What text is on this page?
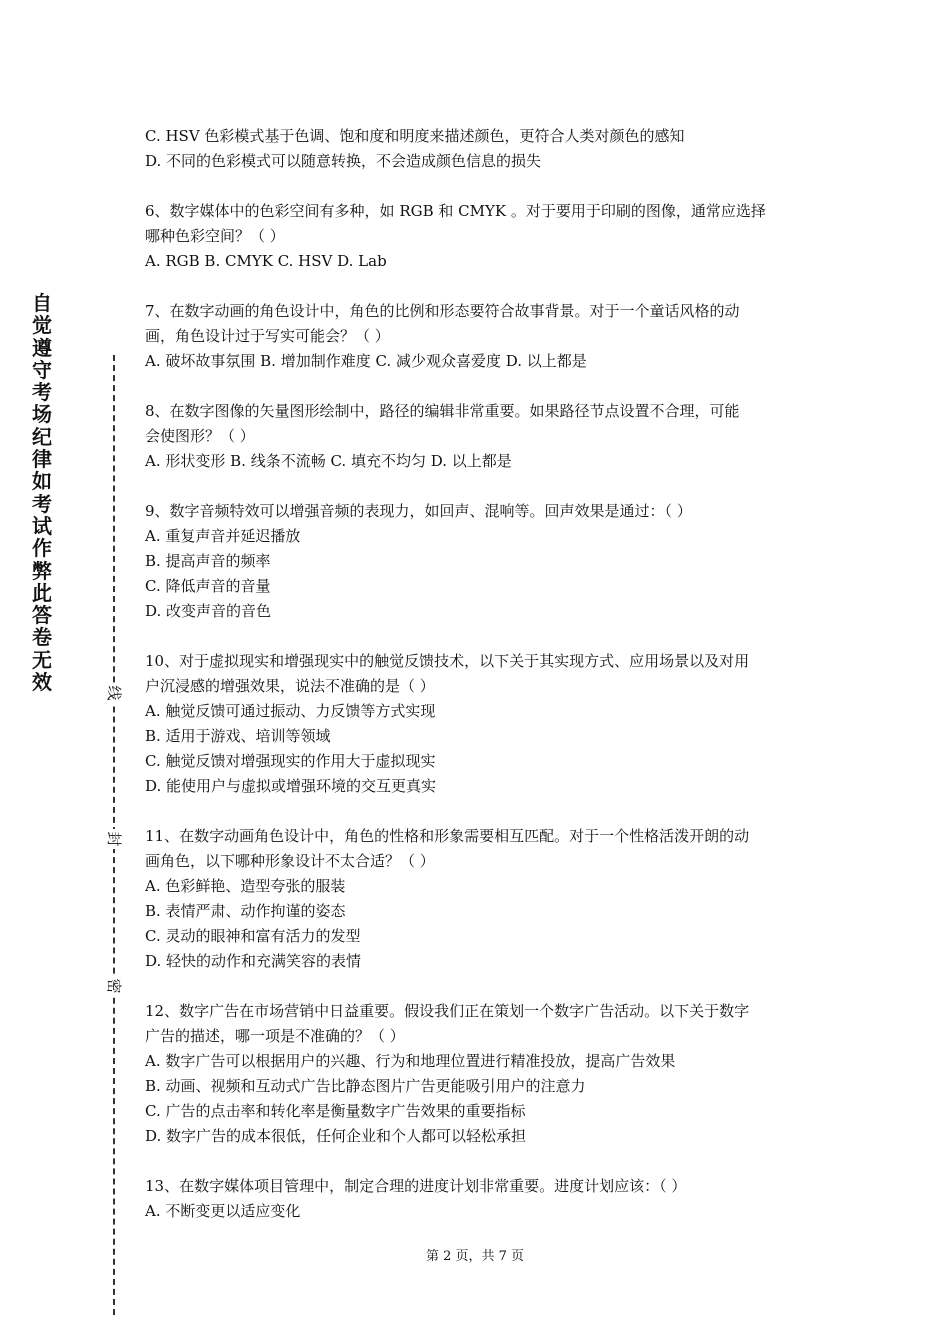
自觉遵守考场纪律如考试作弊此答卷无效	线
封
密
C. HSV 色彩模式基于色调、饱和度和明度来描述颜色，更符合人类对颜色的感知
D. 不同的色彩模式可以随意转换，不会造成颜色信息的损失
6、数字媒体中的色彩空间有多种，如 RGB 和 CMYK 。对于要用于印刷的图像，通常应选择
哪种色彩空间？（ ）
A. RGB B. CMYK C. HSV D. Lab
7、在数字动画的角色设计中，角色的比例和形态要符合故事背景。对于一个童话风格的动
画，角色设计过于写实可能会？（ ）
A. 破坏故事氛围 B. 增加制作难度 C. 减少观众喜爱度 D. 以上都是
8、在数字图像的矢量图形绘制中，路径的编辑非常重要。如果路径节点设置不合理，可能
会使图形？（ ）
A. 形状变形 B. 线条不流畅 C. 填充不均匀 D. 以上都是
9、数字音频特效可以增强音频的表现力，如回声、混响等。回声效果是通过：（ ）
A. 重复声音并延迟播放
B. 提高声音的频率
C. 降低声音的音量
D. 改变声音的音色
10、对于虚拟现实和增强现实中的触觉反馈技术，以下关于其实现方式、应用场景以及对用
户沉浸感的增强效果，说法不准确的是（ ）
A. 触觉反馈可通过振动、力反馈等方式实现
B. 适用于游戏、培训等领域
C. 触觉反馈对增强现实的作用大于虚拟现实
D. 能使用户与虚拟或增强环境的交互更真实
11、在数字动画角色设计中，角色的性格和形象需要相互匹配。对于一个性格活泼开朗的动
画角色，以下哪种形象设计不太合适？（ ）
A. 色彩鲜艳、造型夸张的服装
B. 表情严肃、动作拘谨的姿态
C. 灵动的眼神和富有活力的发型
D. 轻快的动作和充满笑容的表情
12、数字广告在市场营销中日益重要。假设我们正在策划一个数字广告活动。以下关于数字
广告的描述，哪一项是不准确的？（ ）
A. 数字广告可以根据用户的兴趣、行为和地理位置进行精准投放，提高广告效果
B. 动画、视频和互动式广告比静态图片广告更能吸引用户的注意力
C. 广告的点击率和转化率是衡量数字广告效果的重要指标
D. 数字广告的成本很低，任何企业和个人都可以轻松承担
13、在数字媒体项目管理中，制定合理的进度计划非常重要。进度计划应该：（ ）
A. 不断变更以适应变化
第 2 页，共 7 页
